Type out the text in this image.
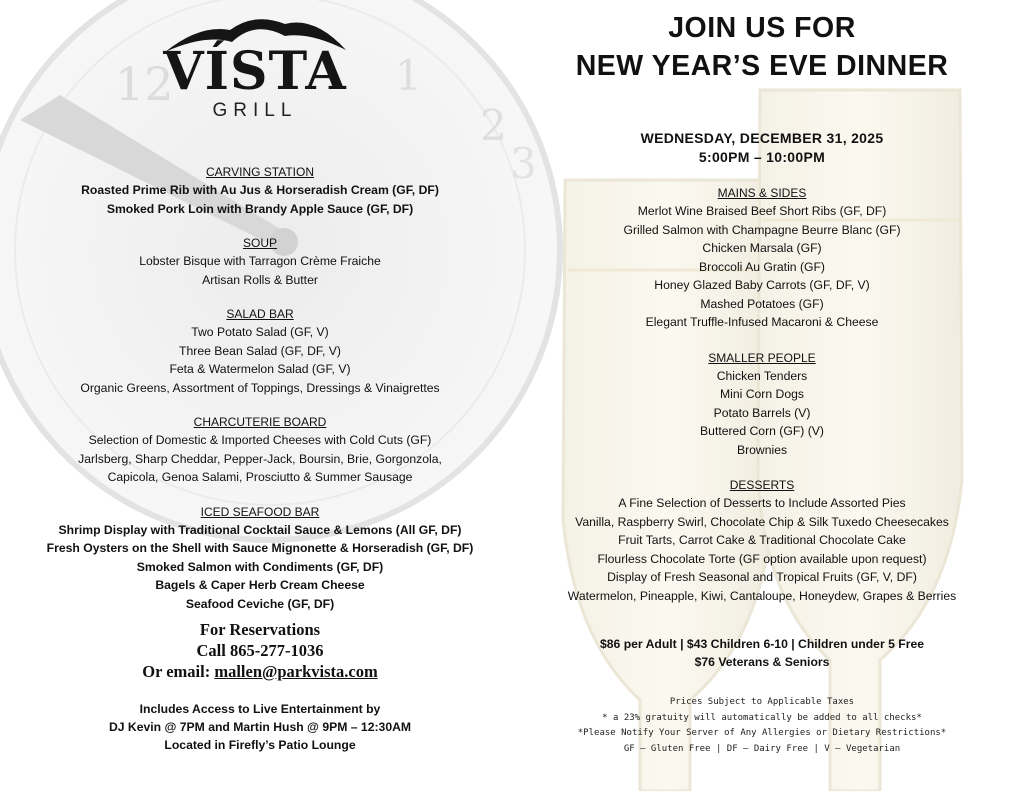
12	1
2
3
VÍSTA
GRILL
CARVING STATION
Roasted Prime Rib with Au Jus & Horseradish Cream (GF, DF)
Smoked Pork Loin with Brandy Apple Sauce (GF, DF)
SOUP
Lobster Bisque with Tarragon Crème Fraiche
Artisan Rolls & Butter
SALAD BAR
Two Potato Salad (GF, V)
Three Bean Salad (GF, DF, V)
Feta & Watermelon Salad (GF, V)
Organic Greens, Assortment of Toppings, Dressings & Vinaigrettes
CHARCUTERIE BOARD
Selection of Domestic & Imported Cheeses with Cold Cuts (GF)
Jarlsberg, Sharp Cheddar, Pepper-Jack, Boursin, Brie, Gorgonzola,
Capicola, Genoa Salami, Prosciutto & Summer Sausage
ICED SEAFOOD BAR
Shrimp Display with Traditional Cocktail Sauce & Lemons (All GF, DF)
Fresh Oysters on the Shell with Sauce Mignonette & Horseradish (GF, DF)
Smoked Salmon with Condiments (GF, DF)
Bagels & Caper Herb Cream Cheese
Seafood Ceviche (GF, DF)
For Reservations
Call 865-277-1036
Or email: mallen@parkvista.com
Includes Access to Live Entertainment by
DJ Kevin @ 7PM and Martin Hush @ 9PM – 12:30AM
Located in Firefly’s Patio Lounge
JOIN US FOR
NEW YEAR’S EVE DINNER
WEDNESDAY, DECEMBER 31, 2025
5:00PM – 10:00PM
MAINS & SIDES
Merlot Wine Braised Beef Short Ribs (GF, DF)
Grilled Salmon with Champagne Beurre Blanc (GF)
Chicken Marsala (GF)
Broccoli Au Gratin (GF)
Honey Glazed Baby Carrots (GF, DF, V)
Mashed Potatoes (GF)
Elegant Truffle-Infused Macaroni & Cheese
SMALLER PEOPLE
Chicken Tenders
Mini Corn Dogs
Potato Barrels (V)
Buttered Corn (GF) (V)
Brownies
DESSERTS
A Fine Selection of Desserts to Include Assorted Pies
Vanilla, Raspberry Swirl, Chocolate Chip & Silk Tuxedo Cheesecakes
Fruit Tarts, Carrot Cake & Traditional Chocolate Cake
Flourless Chocolate Torte (GF option available upon request)
Display of Fresh Seasonal and Tropical Fruits (GF, V, DF)
Watermelon, Pineapple, Kiwi, Cantaloupe, Honeydew, Grapes & Berries
$86 per Adult | $43 Children 6-10 | Children under 5 Free
$76 Veterans & Seniors
Prices Subject to Applicable Taxes
* a 23% gratuity will automatically be added to all checks*
*Please Notify Your Server of Any Allergies or Dietary Restrictions*
GF – Gluten Free | DF – Dairy Free | V – Vegetarian
